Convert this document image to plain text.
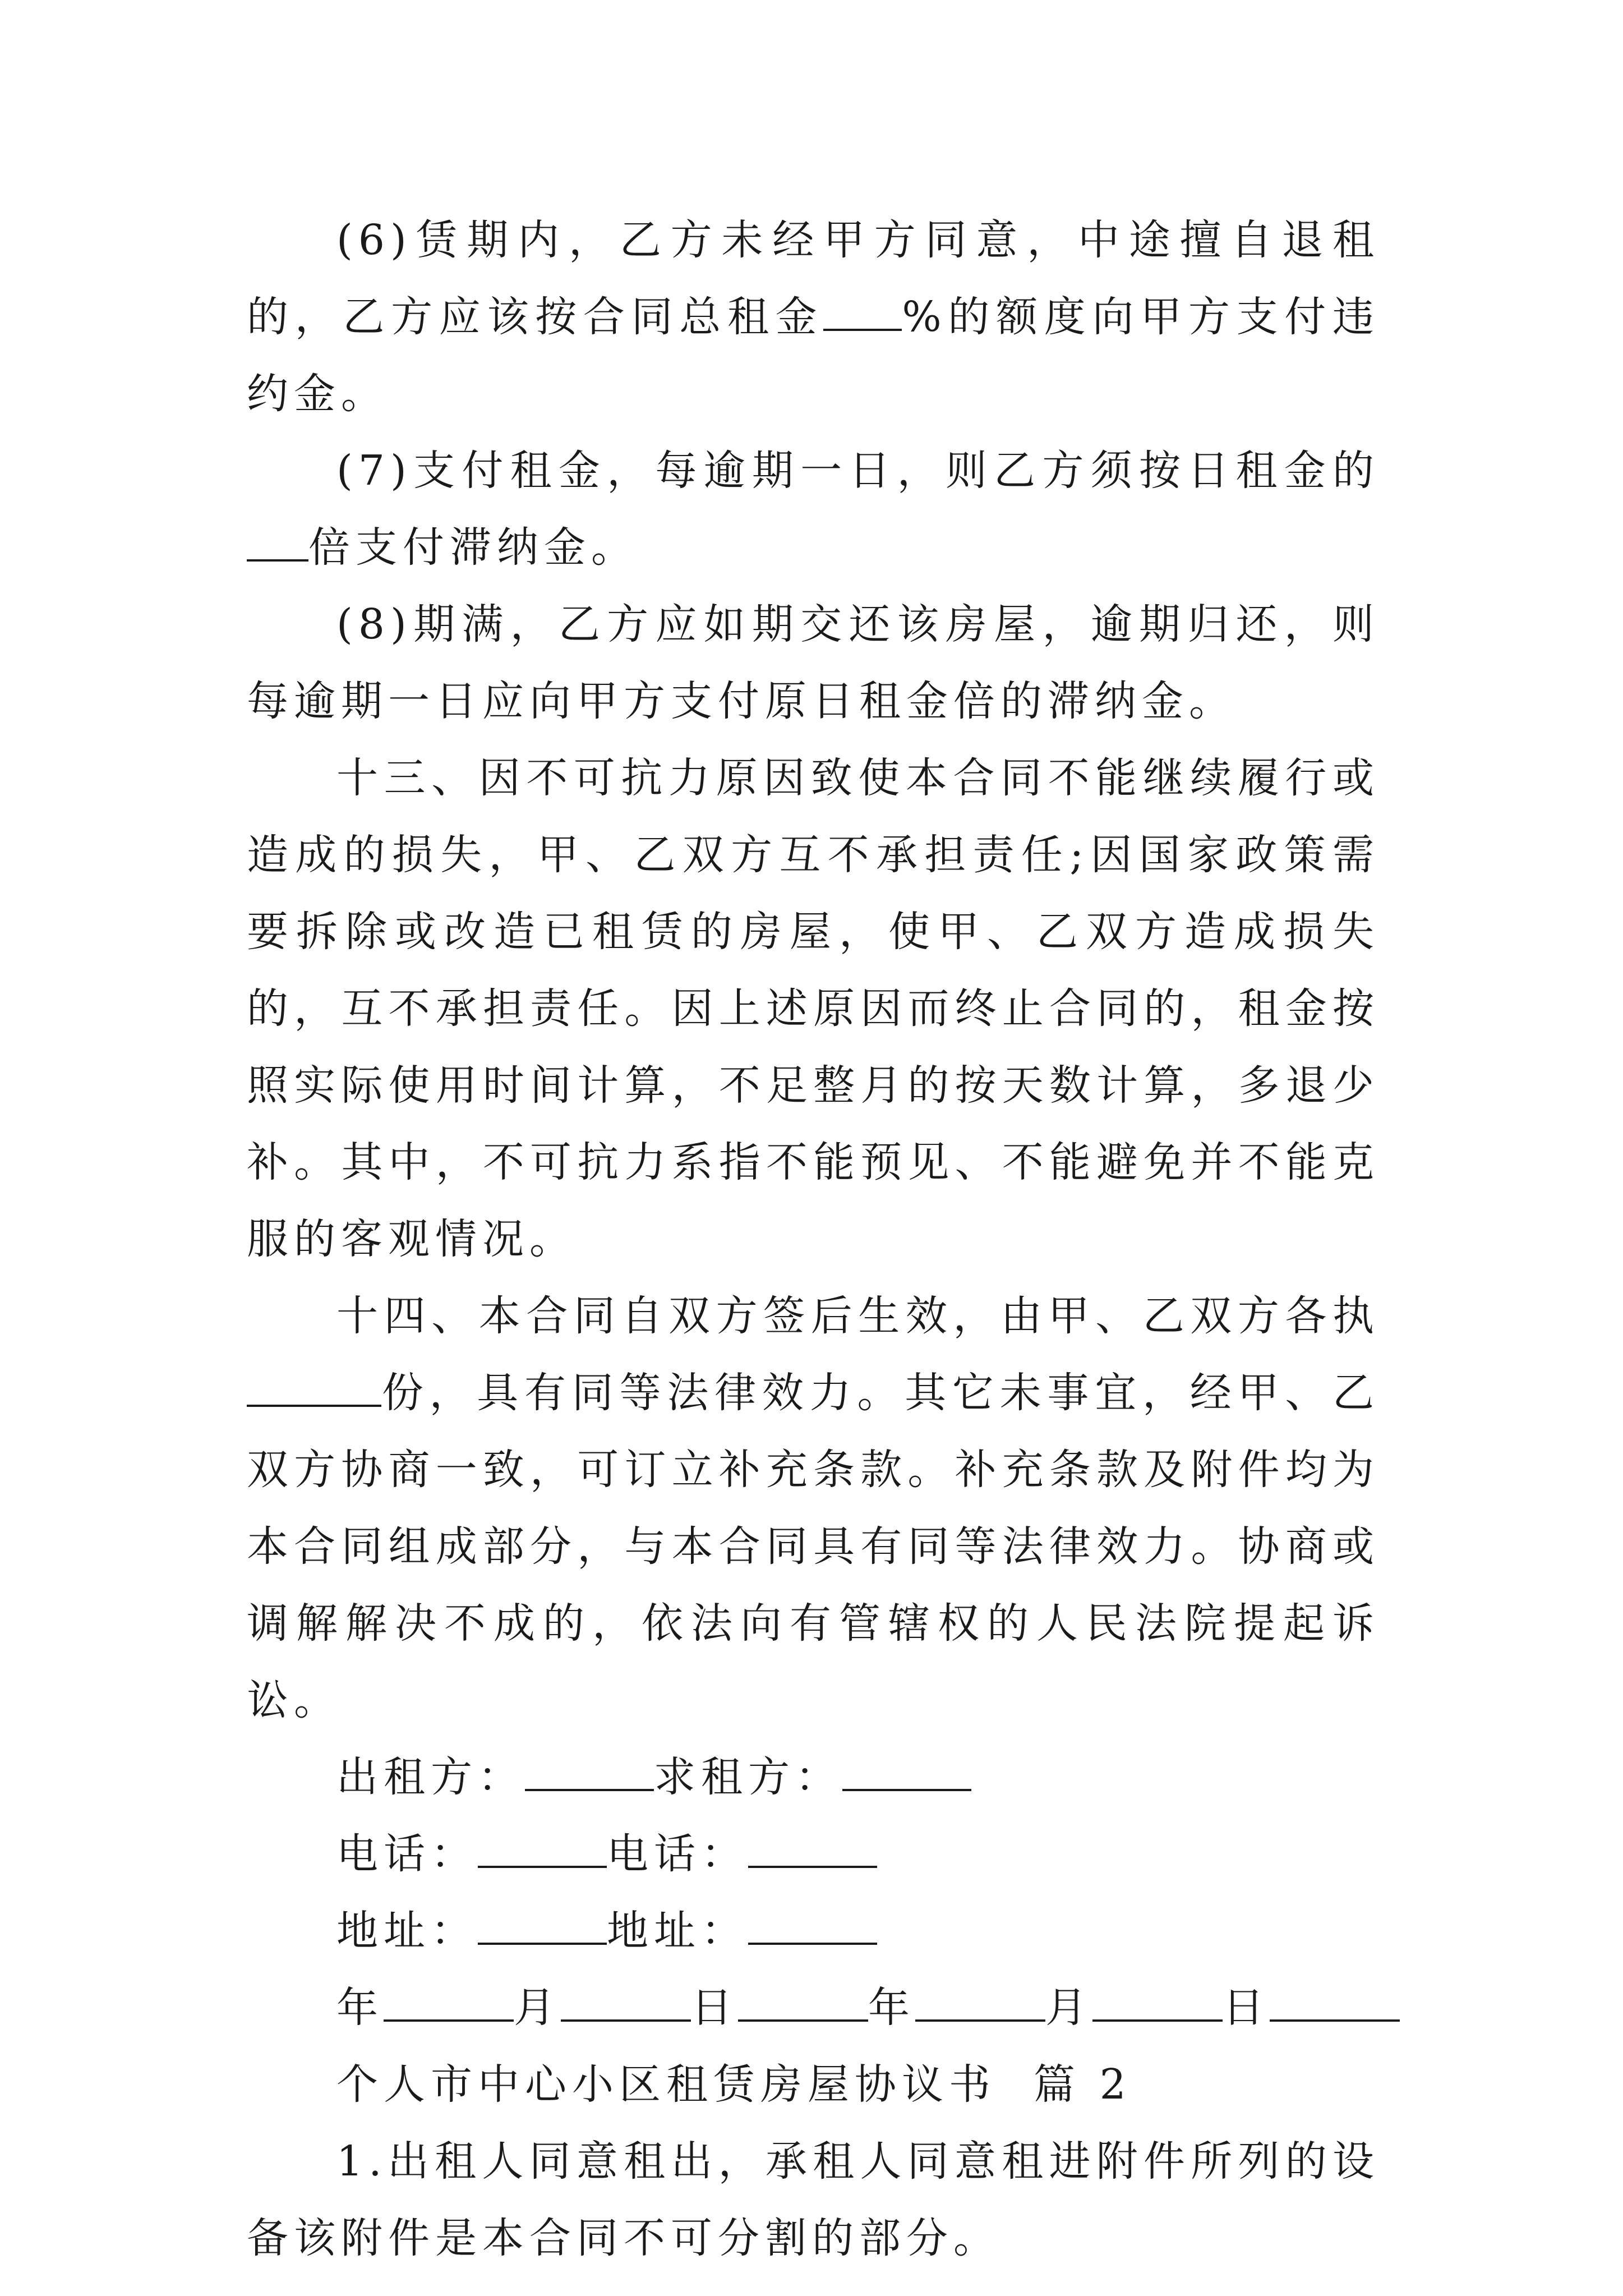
(6)赁期内，乙方未经甲方同意，中途擅自退租的，乙方应该按合同总租金 %的额度向甲方支付违约金。

(7)支付租金，每逾期一日，则乙方须按日租金的倍支付滞纳金。

(8)期满，乙方应如期交还该房屋，逾期归还，则每逾期一日应向甲方支付原日租金倍的滞纳金。

十三、因不可抗力原因致使本合同不能继续履行或造成的损失，甲、乙双方互不承担责任;因国家政策需要拆除或改造已租赁的房屋，使甲、乙双方造成损失的，互不承担责任。因上述原因而终止合同的，租金按照实际使用时间计算，不足整月的按天数计算，多退少补。其中，不可抗力系指不能预见、不能避免并不能克服的客观情况。

十四、本合同自双方签后生效，由甲、乙双方各执份，具有同等法律效力。其它未事宜，经甲、乙双方协商一致，可订立补充条款。补充条款及附件均为本合同组成部分，与本合同具有同等法律效力。协商或调解解决不成的，依法向有管辖权的人民法院提起诉讼。

出租方：	求租方：

电话：	电话：

地址：	地址：

年	月	日	年	月	日

个人市中心小区租赁房屋协议书  篇 2

1.出租人同意租出，承租人同意租进附件所列的设备该附件是本合同不可分割的部分。
